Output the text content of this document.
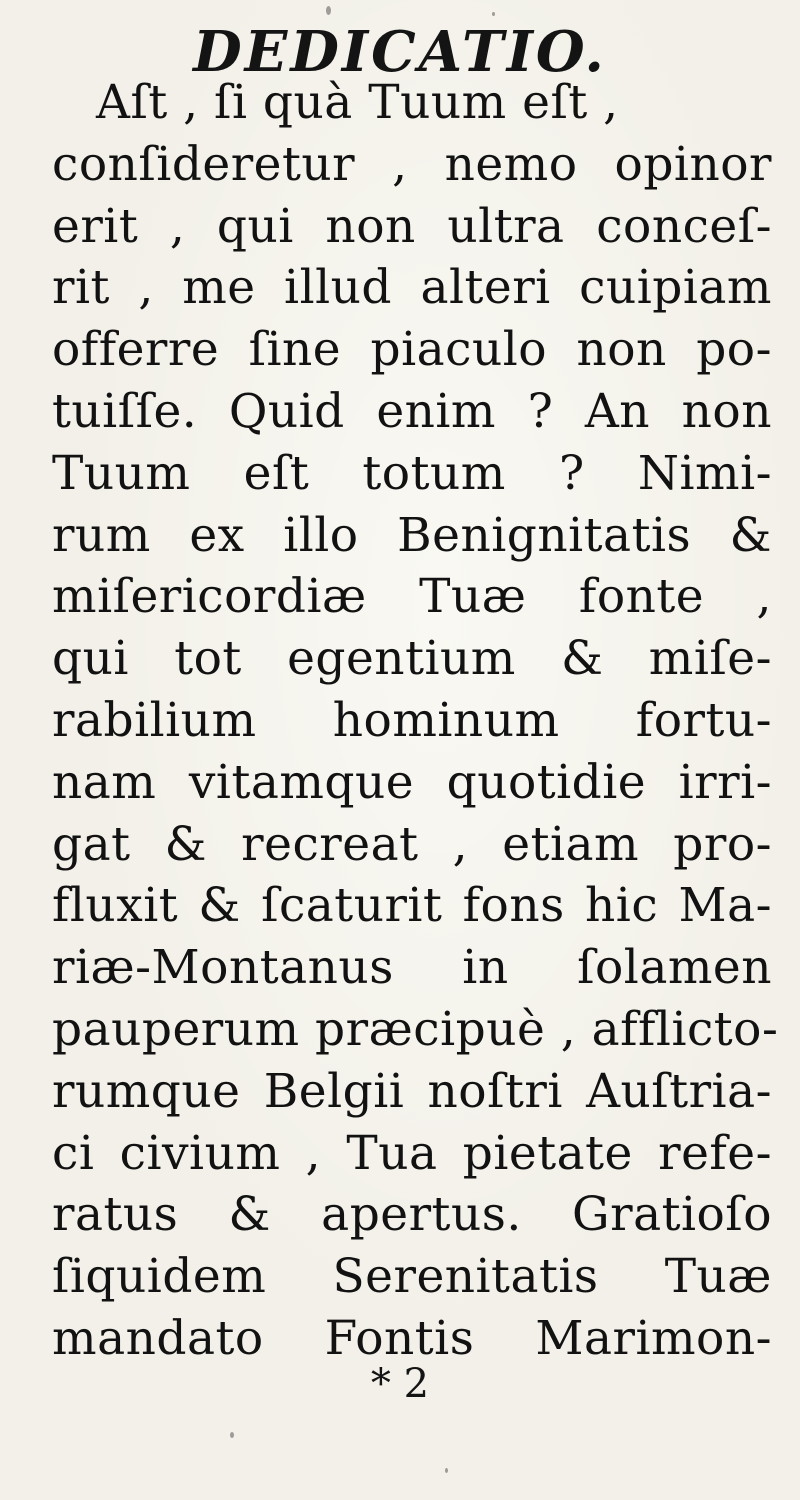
DEDICATIO.
Aſt , ſi quà Tuum eſt ,
conſideretur , nemo opinor
erit , qui non ultra conceſ-
rit , me illud alteri cuipiam
offerre ſine piaculo non po-
tuiſſe. Quid enim ? An non
Tuum eſt totum ? Nimi-
rum ex illo Benignitatis &
miſericordiæ Tuæ fonte ,
qui tot egentium & miſe-
rabilium hominum fortu-
nam vitamque quotidie irri-
gat & recreat , etiam pro-
fluxit & ſcaturit fons hic Ma-
riæ-Montanus in ſolamen
pauperum præcipuè , afflicto-
rumque Belgii noſtri Auſtria-
ci civium , Tua pietate refe-
ratus & apertus. Gratioſo
ſiquidem Serenitatis Tuæ
mandato Fontis Marimon-
* 2
